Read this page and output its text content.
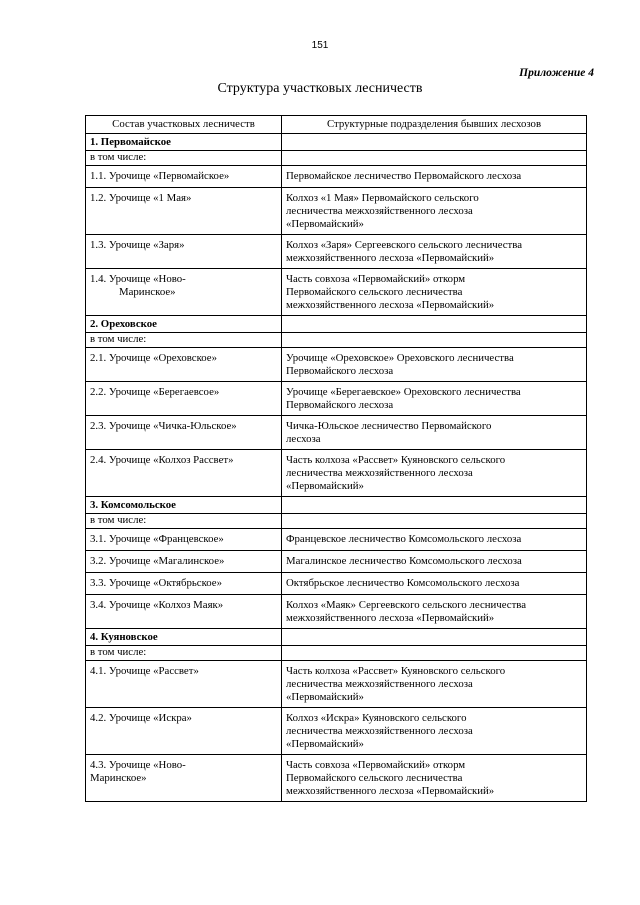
151
Приложение 4
Структура участковых лесничеств
Состав участковых лесничеств	Структурные подразделения бывших лесхозов
1. Первомайское	
в том числе:	

1.1. Урочище «Первомайское»	Первомайское лесничество Первомайского лесхоза

1.2. Урочище «1 Мая»	Колхоз «1 Мая» Первомайского сельского
лесничества межхозяйственного лесхоза
«Первомайский»

1.3. Урочище «Заря»	Колхоз «Заря» Сергеевского сельского лесничества
межхозяйственного лесхоза «Первомайский»

1.4. Урочище «Ново-
Маринское»	Часть совхоза «Первомайский» откорм
Первомайского сельского лесничества
межхозяйственного лесхоза «Первомайский»

2. Ореховское	
в том числе:	

2.1. Урочище «Ореховское»	Урочище «Ореховское» Ореховского лесничества
Первомайского лесхоза

2.2. Урочище «Берегаевсое»	Урочище «Берегаевское» Ореховского лесничества
Первомайского лесхоза

2.3. Урочище «Чичка-Юльское»	Чичка-Юльское лесничество Первомайского
лесхоза

2.4. Урочище «Колхоз Рассвет»	Часть колхоза «Рассвет» Куяновского сельского
лесничества межхозяйственного лесхоза
«Первомайский»

3. Комсомольское	
в том числе:	

3.1. Урочище «Францевское»	Францевское лесничество Комсомольского лесхоза

3.2. Урочище «Магалинское»	Магалинское лесничество Комсомольского лесхоза

3.3. Урочище «Октябрьское»	Октябрьское лесничество Комсомольского лесхоза

3.4. Урочище «Колхоз Маяк»	Колхоз «Маяк» Сергеевского сельского лесничества
межхозяйственного лесхоза «Первомайский»

4. Куяновское	
в том числе:	

4.1. Урочище «Рассвет»	Часть колхоза «Рассвет» Куяновского сельского
лесничества межхозяйственного лесхоза
«Первомайский»

4.2. Урочище «Искра»	Колхоз «Искра» Куяновского сельского
лесничества межхозяйственного лесхоза
«Первомайский»

4.3. Урочище «Ново-
Маринское»	Часть совхоза «Первомайский» откорм
Первомайского сельского лесничества
межхозяйственного лесхоза «Первомайский»
